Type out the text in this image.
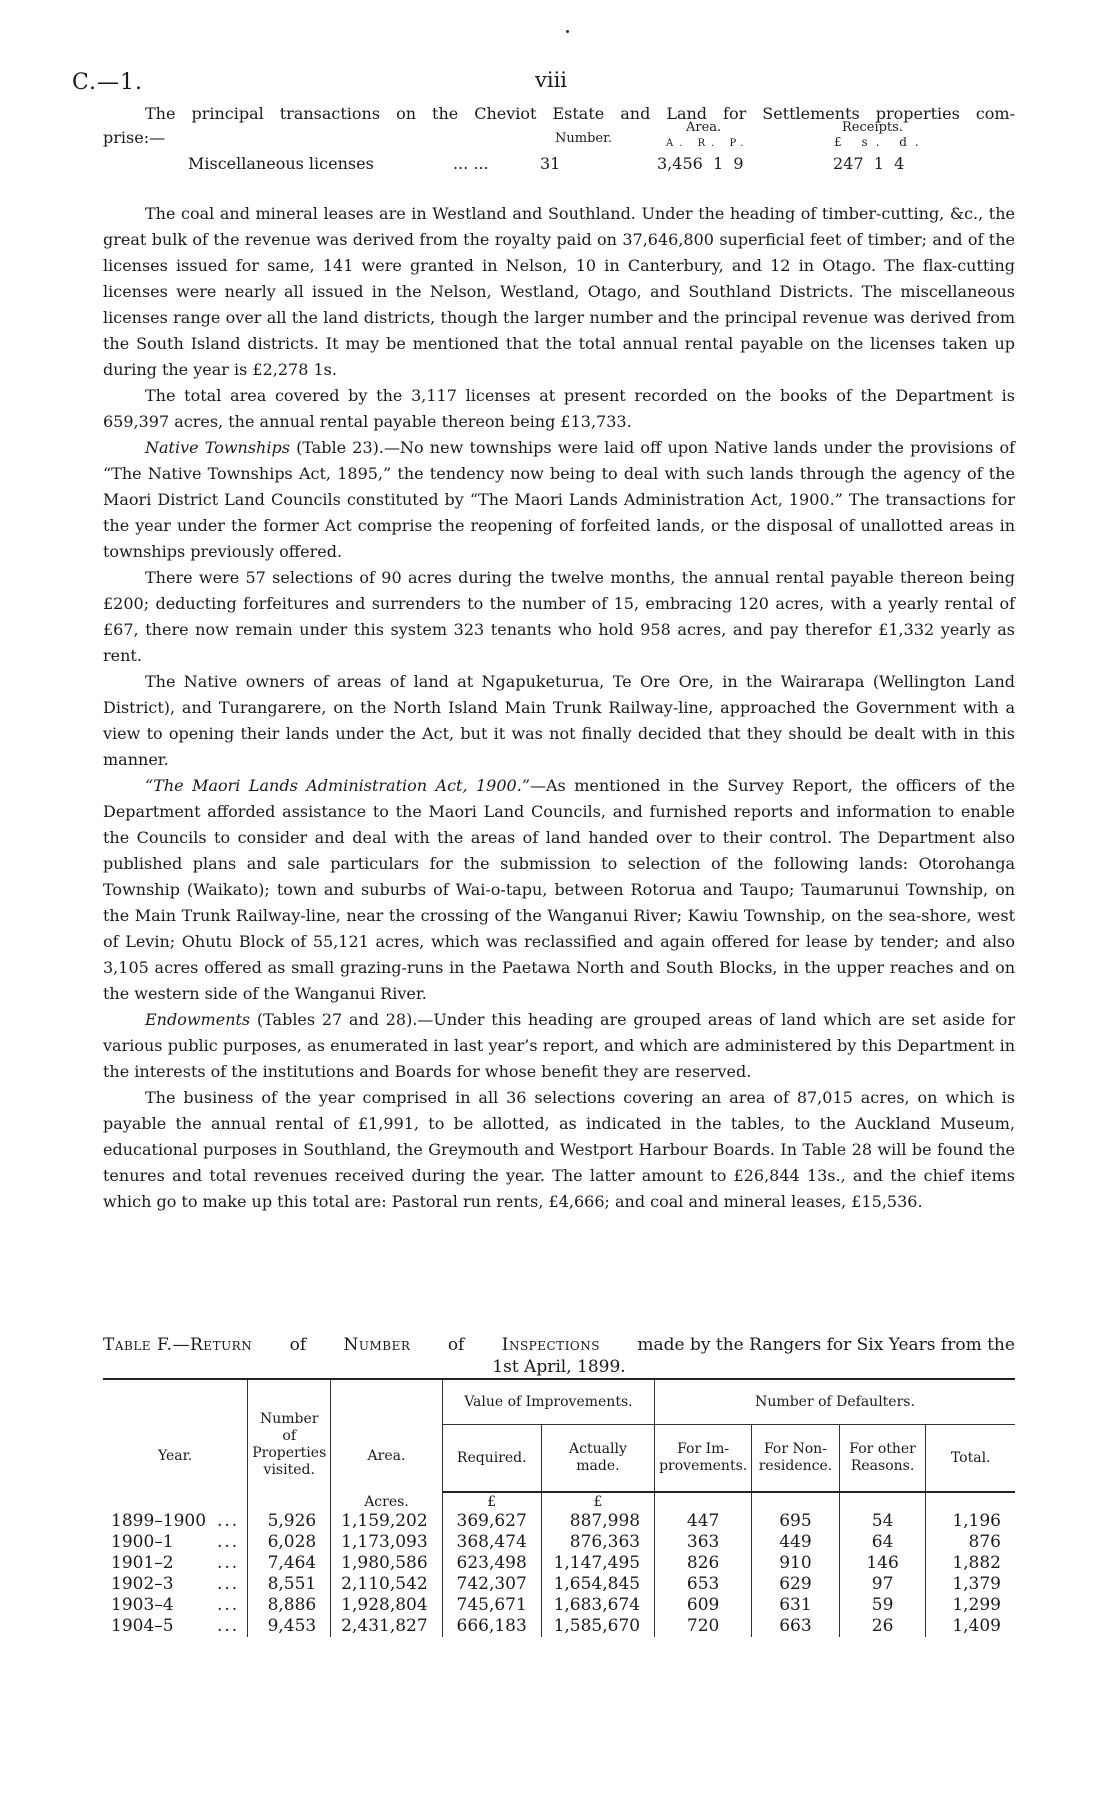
C.—1.	viii
The principal transactions on the Cheviot Estate and Land for Settlements properties com-
prise:—	Number.
Area.
A. R. P.
Receipts.
£ s. d.
Miscellaneous licenses	... ...	31	3,456  1  9	247  1  4

The coal and mineral leases are in Westland and Southland. Under the heading of timber-cutting, &c., the great bulk of the revenue was derived from the royalty paid on 37,646,800 superficial feet of timber; and of the licenses issued for same, 141 were granted in Nelson, 10 in Canterbury, and 12 in Otago. The flax-cutting licenses were nearly all issued in the Nelson, Westland, Otago, and Southland Districts. The miscellaneous licenses range over all the land districts, though the larger number and the principal revenue was derived from the South Island districts. It may be mentioned that the total annual rental payable on the licenses taken up during the year is £2,278 1s.

The total area covered by the 3,117 licenses at present recorded on the books of the Department is 659,397 acres, the annual rental payable thereon being £13,733.

Native Townships (Table 23).—No new townships were laid off upon Native lands under the provisions of “The Native Townships Act, 1895,” the tendency now being to deal with such lands through the agency of the Maori District Land Councils constituted by “The Maori Lands Administration Act, 1900.” The transactions for the year under the former Act comprise the reopening of forfeited lands, or the disposal of unallotted areas in townships previously offered.

There were 57 selections of 90 acres during the twelve months, the annual rental payable thereon being £200; deducting forfeitures and surrenders to the number of 15, embracing 120 acres, with a yearly rental of £67, there now remain under this system 323 tenants who hold 958 acres, and pay therefor £1,332 yearly as rent.

The Native owners of areas of land at Ngapuketurua, Te Ore Ore, in the Wairarapa (Wellington Land District), and Turangarere, on the North Island Main Trunk Railway-line, approached the Government with a view to opening their lands under the Act, but it was not finally decided that they should be dealt with in this manner.

“The Maori Lands Administration Act, 1900.”—As mentioned in the Survey Report, the officers of the Department afforded assistance to the Maori Land Councils, and furnished reports and information to enable the Councils to consider and deal with the areas of land handed over to their control. The Department also published plans and sale particulars for the submission to selection of the following lands: Otorohanga Township (Waikato); town and suburbs of Wai-o-tapu, between Rotorua and Taupo; Taumarunui Township, on the Main Trunk Railway-line, near the crossing of the Wanganui River; Kawiu Township, on the sea-shore, west of Levin; Ohutu Block of 55,121 acres, which was reclassified and again offered for lease by tender; and also 3,105 acres offered as small grazing-runs in the Paetawa North and South Blocks, in the upper reaches and on the western side of the Wanganui River.

Endowments (Tables 27 and 28).—Under this heading are grouped areas of land which are set aside for various public purposes, as enumerated in last year’s report, and which are administered by this Department in the interests of the institutions and Boards for whose benefit they are reserved.

The business of the year comprised in all 36 selections covering an area of 87,015 acres, on which is payable the annual rental of £1,991, to be allotted, as indicated in the tables, to the Auckland Museum, educational purposes in Southland, the Greymouth and Westport Harbour Boards. In Table 28 will be found the tenures and total revenues received during the year. The latter amount to £26,844 13s., and the chief items which go to make up this total are: Pastoral run rents, £4,666; and coal and mineral leases, £15,536.

Table F.—Return of Number of Inspections made by the Rangers for Six Years from the
1st April, 1899.
Year.	Number of Properties visited.	Area.	Value of Improvements.		Number of Defaulters.			
			Required.	Actually made.	For Im-provements.	For Non-residence.	For other Reasons.	Total.
		Acres.	£	£				
1899–1900 ...	5,926	1,159,202	369,627	887,998	447	695	54	1,196
1900–1 ...	6,028	1,173,093	368,474	876,363	363	449	64	876
1901–2 ...	7,464	1,980,586	623,498	1,147,495	826	910	146	1,882
1902–3 ...	8,551	2,110,542	742,307	1,654,845	653	629	97	1,379
1903–4 ...	8,886	1,928,804	745,671	1,683,674	609	631	59	1,299
1904–5 ...	9,453	2,431,827	666,183	1,585,670	720	663	26	1,409
